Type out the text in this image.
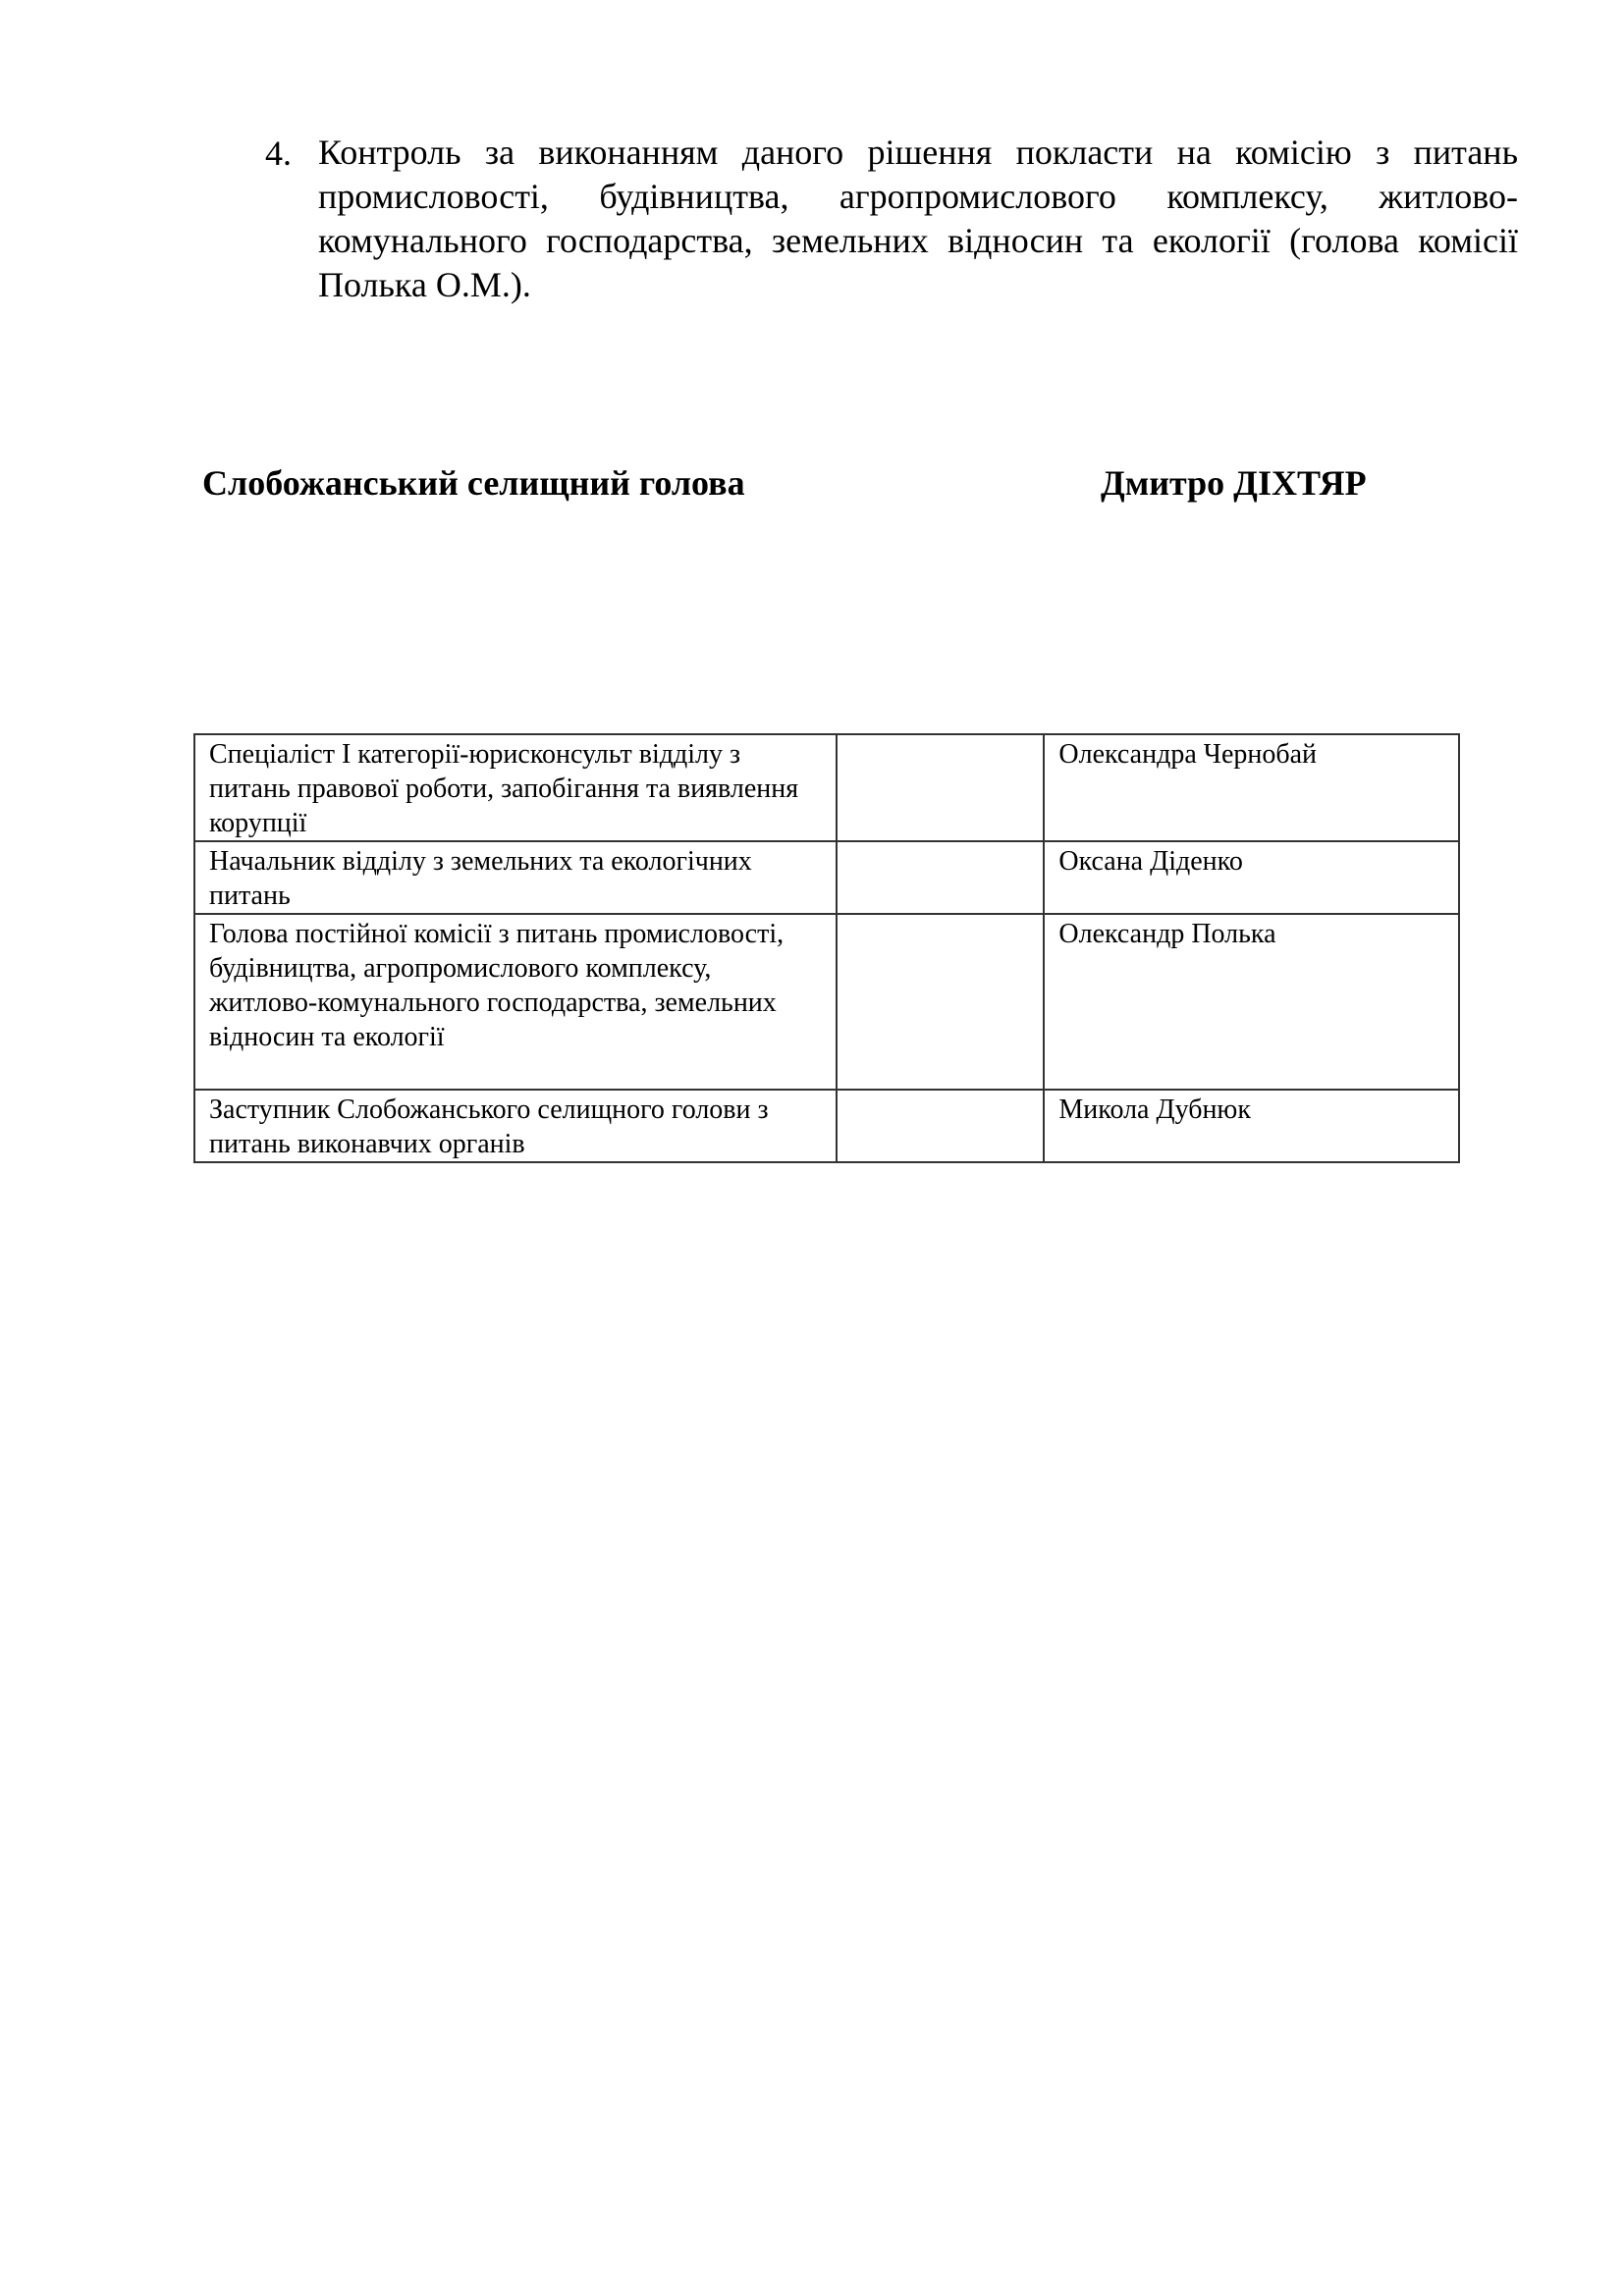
4. Контроль за виконанням даного рішення покласти на комісію з питань промисловості, будівництва, агропромислового комплексу, житлово-комунального господарства, земельних відносин та екології (голова комісії Полька О.М.).
Слобожанський селищний голова	Дмитро ДІХТЯР
Спеціаліст І категорії-юрисконсульт відділу з питань правової роботи, запобігання та виявлення корупції		Олександра Чернобай
Начальник відділу з земельних та екологічних питань		Оксана Діденко
Голова постійної комісії з питань промисловості, будівництва, агропромислового комплексу, житлово-комунального господарства, земельних відносин та екології		Олександр Полька
Заступник Слобожанського селищного голови з питань виконавчих органів		Микола Дубнюк
